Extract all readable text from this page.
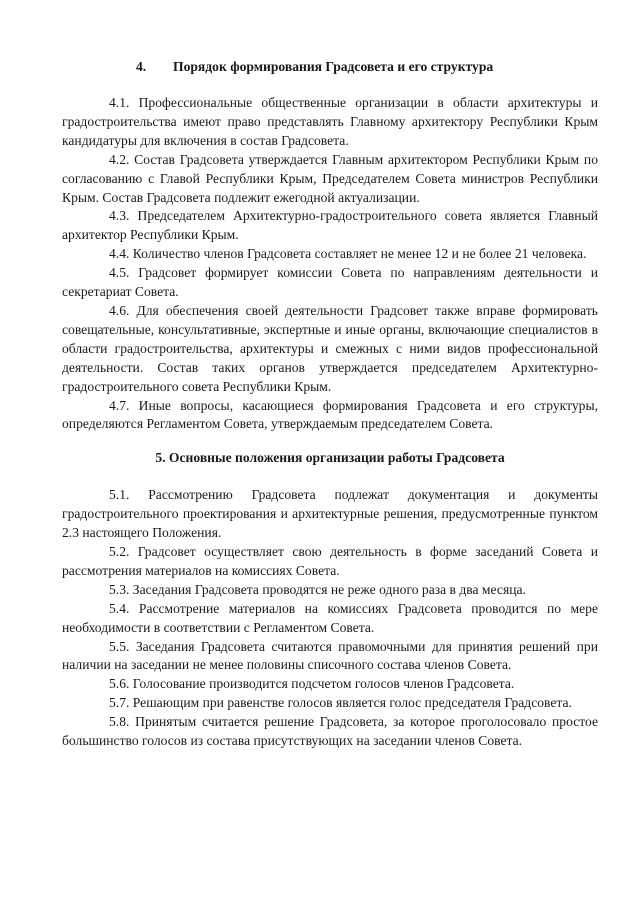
4. Порядок формирования Градсовета и его структура

4.1. Профессиональные общественные организации в области архитектуры и градостроительства имеют право представлять Главному архитектору Республики Крым кандидатуры для включения в состав Градсовета.

4.2. Состав Градсовета утверждается Главным архитектором Республики Крым по согласованию с Главой Республики Крым, Председателем Совета министров Республики Крым. Состав Градсовета подлежит ежегодной актуализации.

4.3. Председателем Архитектурно-градостроительного совета является Главный архитектор Республики Крым.

4.4. Количество членов Градсовета составляет не менее 12 и не более 21 человека.

4.5. Градсовет формирует комиссии Совета по направлениям деятельности и секретариат Совета.

4.6. Для обеспечения своей деятельности Градсовет также вправе формировать совещательные, консультативные, экспертные и иные органы, включающие специалистов в области градостроительства, архитектуры и смежных с ними видов профессиональной деятельности. Состав таких органов утверждается председателем Архитектурно-градостроительного совета Республики Крым.

4.7. Иные вопросы, касающиеся формирования Градсовета и его структуры, определяются Регламентом Совета, утверждаемым председателем Совета.

5. Основные положения организации работы Градсовета

5.1. Рассмотрению Градсовета подлежат документация и документы градостроительного проектирования и архитектурные решения, предусмотренные пунктом 2.3 настоящего Положения.

5.2. Градсовет осуществляет свою деятельность в форме заседаний Совета и рассмотрения материалов на комиссиях Совета.

5.3. Заседания Градсовета проводятся не реже одного раза в два месяца.

5.4. Рассмотрение материалов на комиссиях Градсовета проводится по мере необходимости в соответствии с Регламентом Совета.

5.5. Заседания Градсовета считаются правомочными для принятия решений при наличии на заседании не менее половины списочного состава членов Совета.

5.6. Голосование производится подсчетом голосов членов Градсовета.

5.7. Решающим при равенстве голосов является голос председателя Градсовета.

5.8. Принятым считается решение Градсовета, за которое проголосовало простое большинство голосов из состава присутствующих на заседании членов Совета.
